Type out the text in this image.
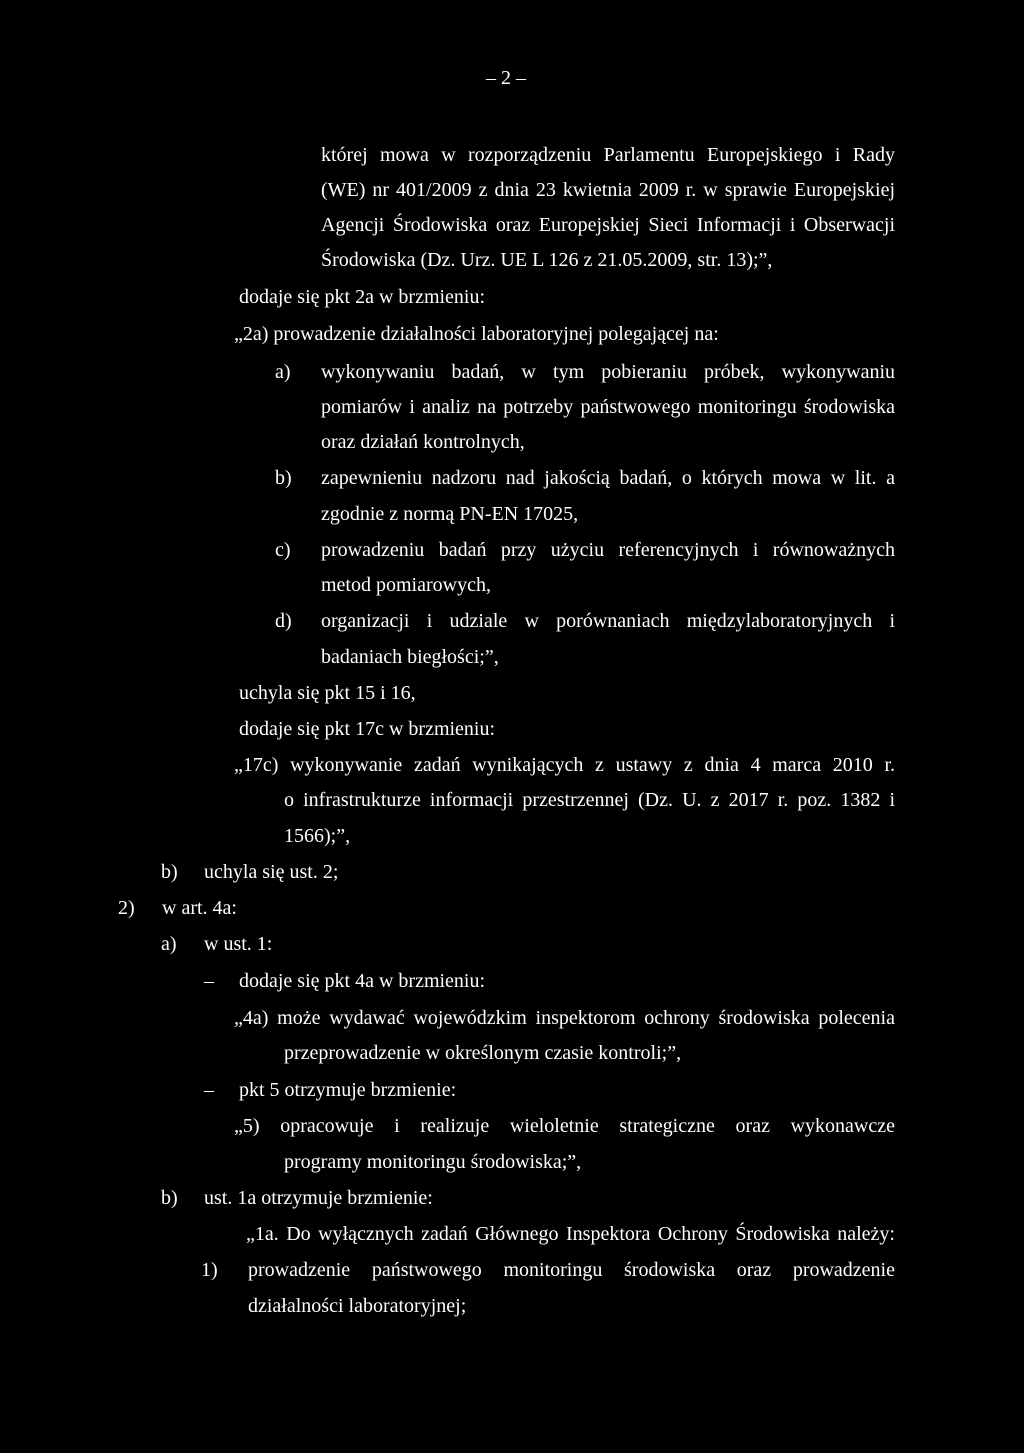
– 2 –
której mowa w rozporządzeniu Parlamentu Europejskiego i Rady
(WE) nr 401/2009 z dnia 23 kwietnia 2009 r. w sprawie Europejskiej
Agencji Środowiska oraz Europejskiej Sieci Informacji i Obserwacji
Środowiska (Dz. Urz. UE L 126 z 21.05.2009, str. 13);”,
dodaje się pkt 2a w brzmieniu:
„2a) prowadzenie działalności laboratoryjnej polegającej na:
a) wykonywaniu badań, w tym pobieraniu próbek, wykonywaniu
pomiarów i analiz na potrzeby państwowego monitoringu środowiska
oraz działań kontrolnych,
b) zapewnieniu nadzoru nad jakością badań, o których mowa w lit. a
zgodnie z normą PN-EN 17025,
c) prowadzeniu badań przy użyciu referencyjnych i równoważnych
metod pomiarowych,
d) organizacji i udziale w porównaniach międzylaboratoryjnych i
badaniach biegłości;”,
uchyla się pkt 15 i 16,
dodaje się pkt 17c w brzmieniu:
„17c) wykonywanie zadań wynikających z ustawy z dnia 4 marca 2010 r.
o infrastrukturze informacji przestrzennej (Dz. U. z 2017 r. poz. 1382 i
1566);”,
b) uchyla się ust. 2;
2) w art. 4a:
a) w ust. 1:
– dodaje się pkt 4a w brzmieniu:
„4a) może wydawać wojewódzkim inspektorom ochrony środowiska polecenia
przeprowadzenie w określonym czasie kontroli;”,
– pkt 5 otrzymuje brzmienie:
„5) opracowuje i realizuje wieloletnie strategiczne oraz wykonawcze
programy monitoringu środowiska;”,
b) ust. 1a otrzymuje brzmienie:
„1a. Do wyłącznych zadań Głównego Inspektora Ochrony Środowiska należy:
1) prowadzenie państwowego monitoringu środowiska oraz prowadzenie
działalności laboratoryjnej;
